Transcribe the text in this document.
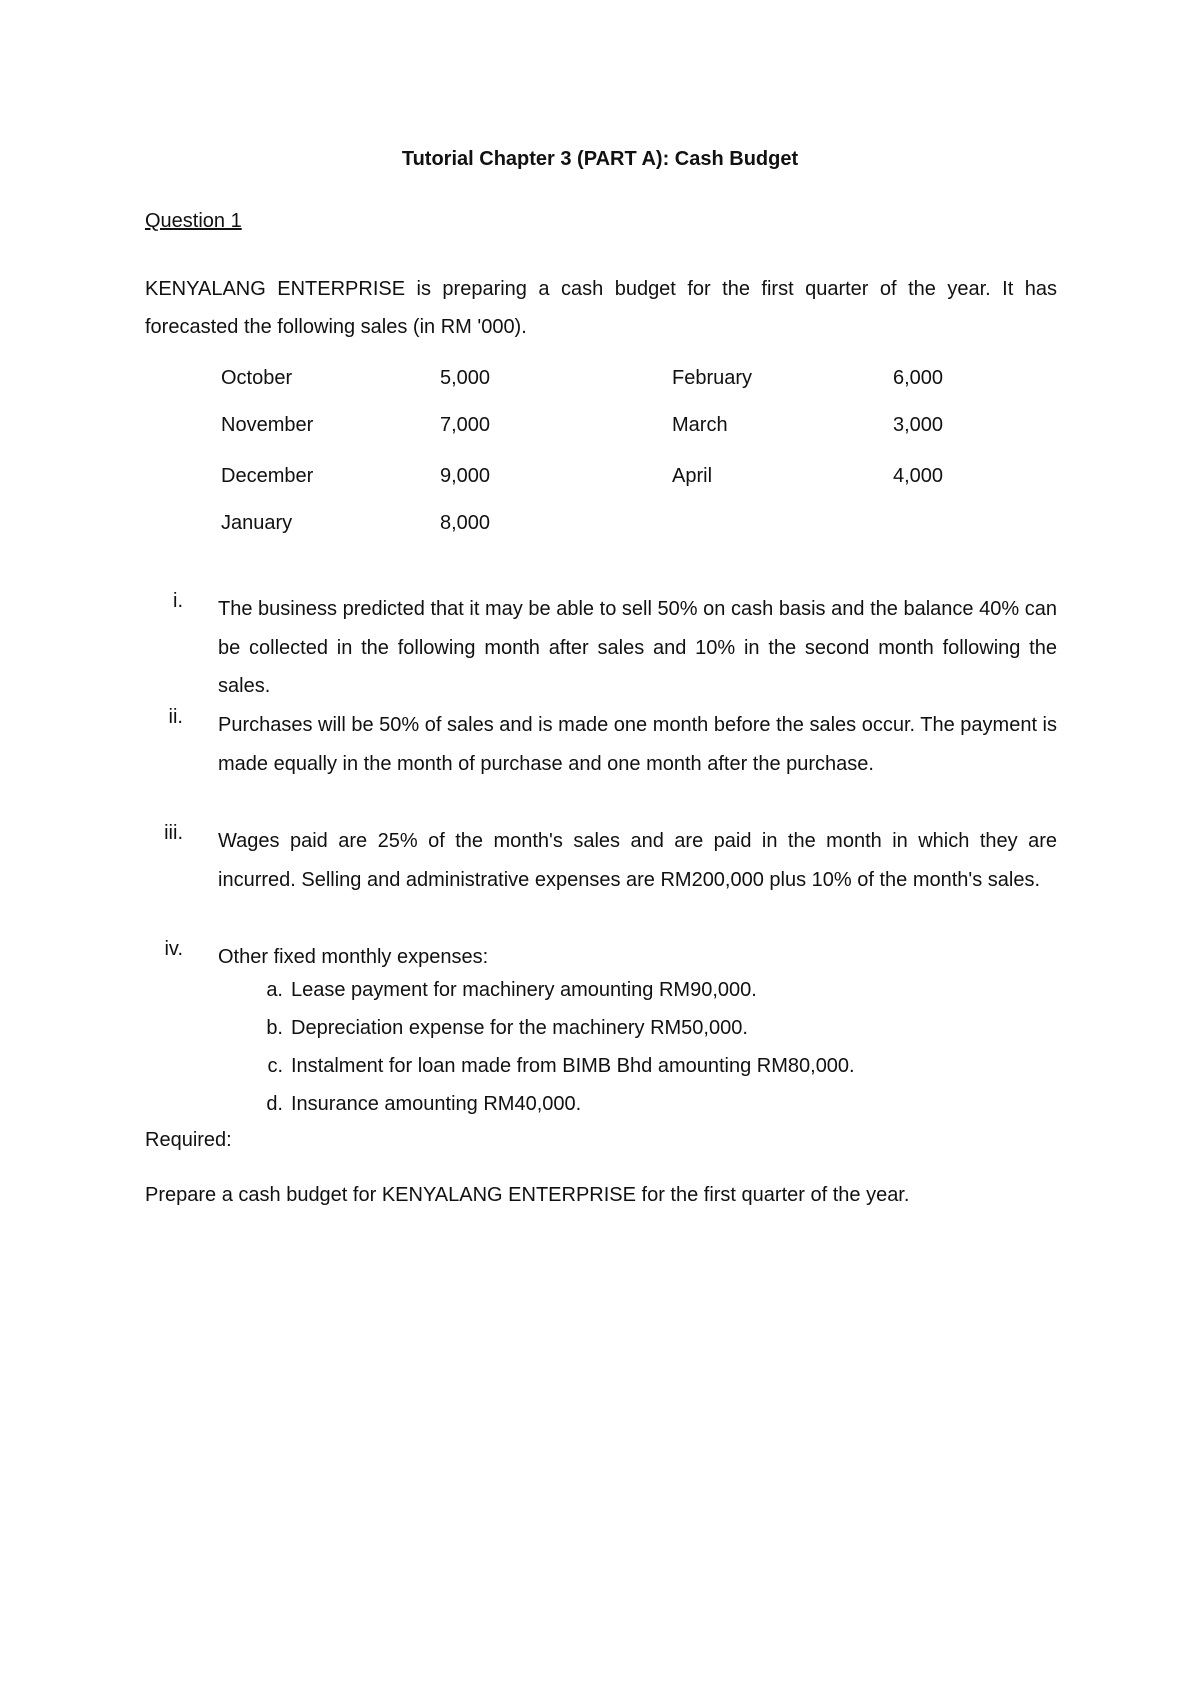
Tutorial Chapter 3 (PART A): Cash Budget
Question 1
KENYALANG ENTERPRISE is preparing a cash budget for the first quarter of the year. It has forecasted the following sales (in RM '000).
October	5,000
November	7,000
December	9,000
January	8,000
February	6,000
March	3,000
April	4,000
i. The business predicted that it may be able to sell 50% on cash basis and the balance 40% can be collected in the following month after sales and 10% in the second month following the sales.
ii. Purchases will be 50% of sales and is made one month before the sales occur. The payment is made equally in the month of purchase and one month after the purchase.
iii. Wages paid are 25% of the month's sales and are paid in the month in which they are incurred. Selling and administrative expenses are RM200,000 plus 10% of the month's sales.
iv. Other fixed monthly expenses:
a. Lease payment for machinery amounting RM90,000.
b. Depreciation expense for the machinery RM50,000.
c. Instalment for loan made from BIMB Bhd amounting RM80,000.
d. Insurance amounting RM40,000.
Required:
Prepare a cash budget for KENYALANG ENTERPRISE for the first quarter of the year.
